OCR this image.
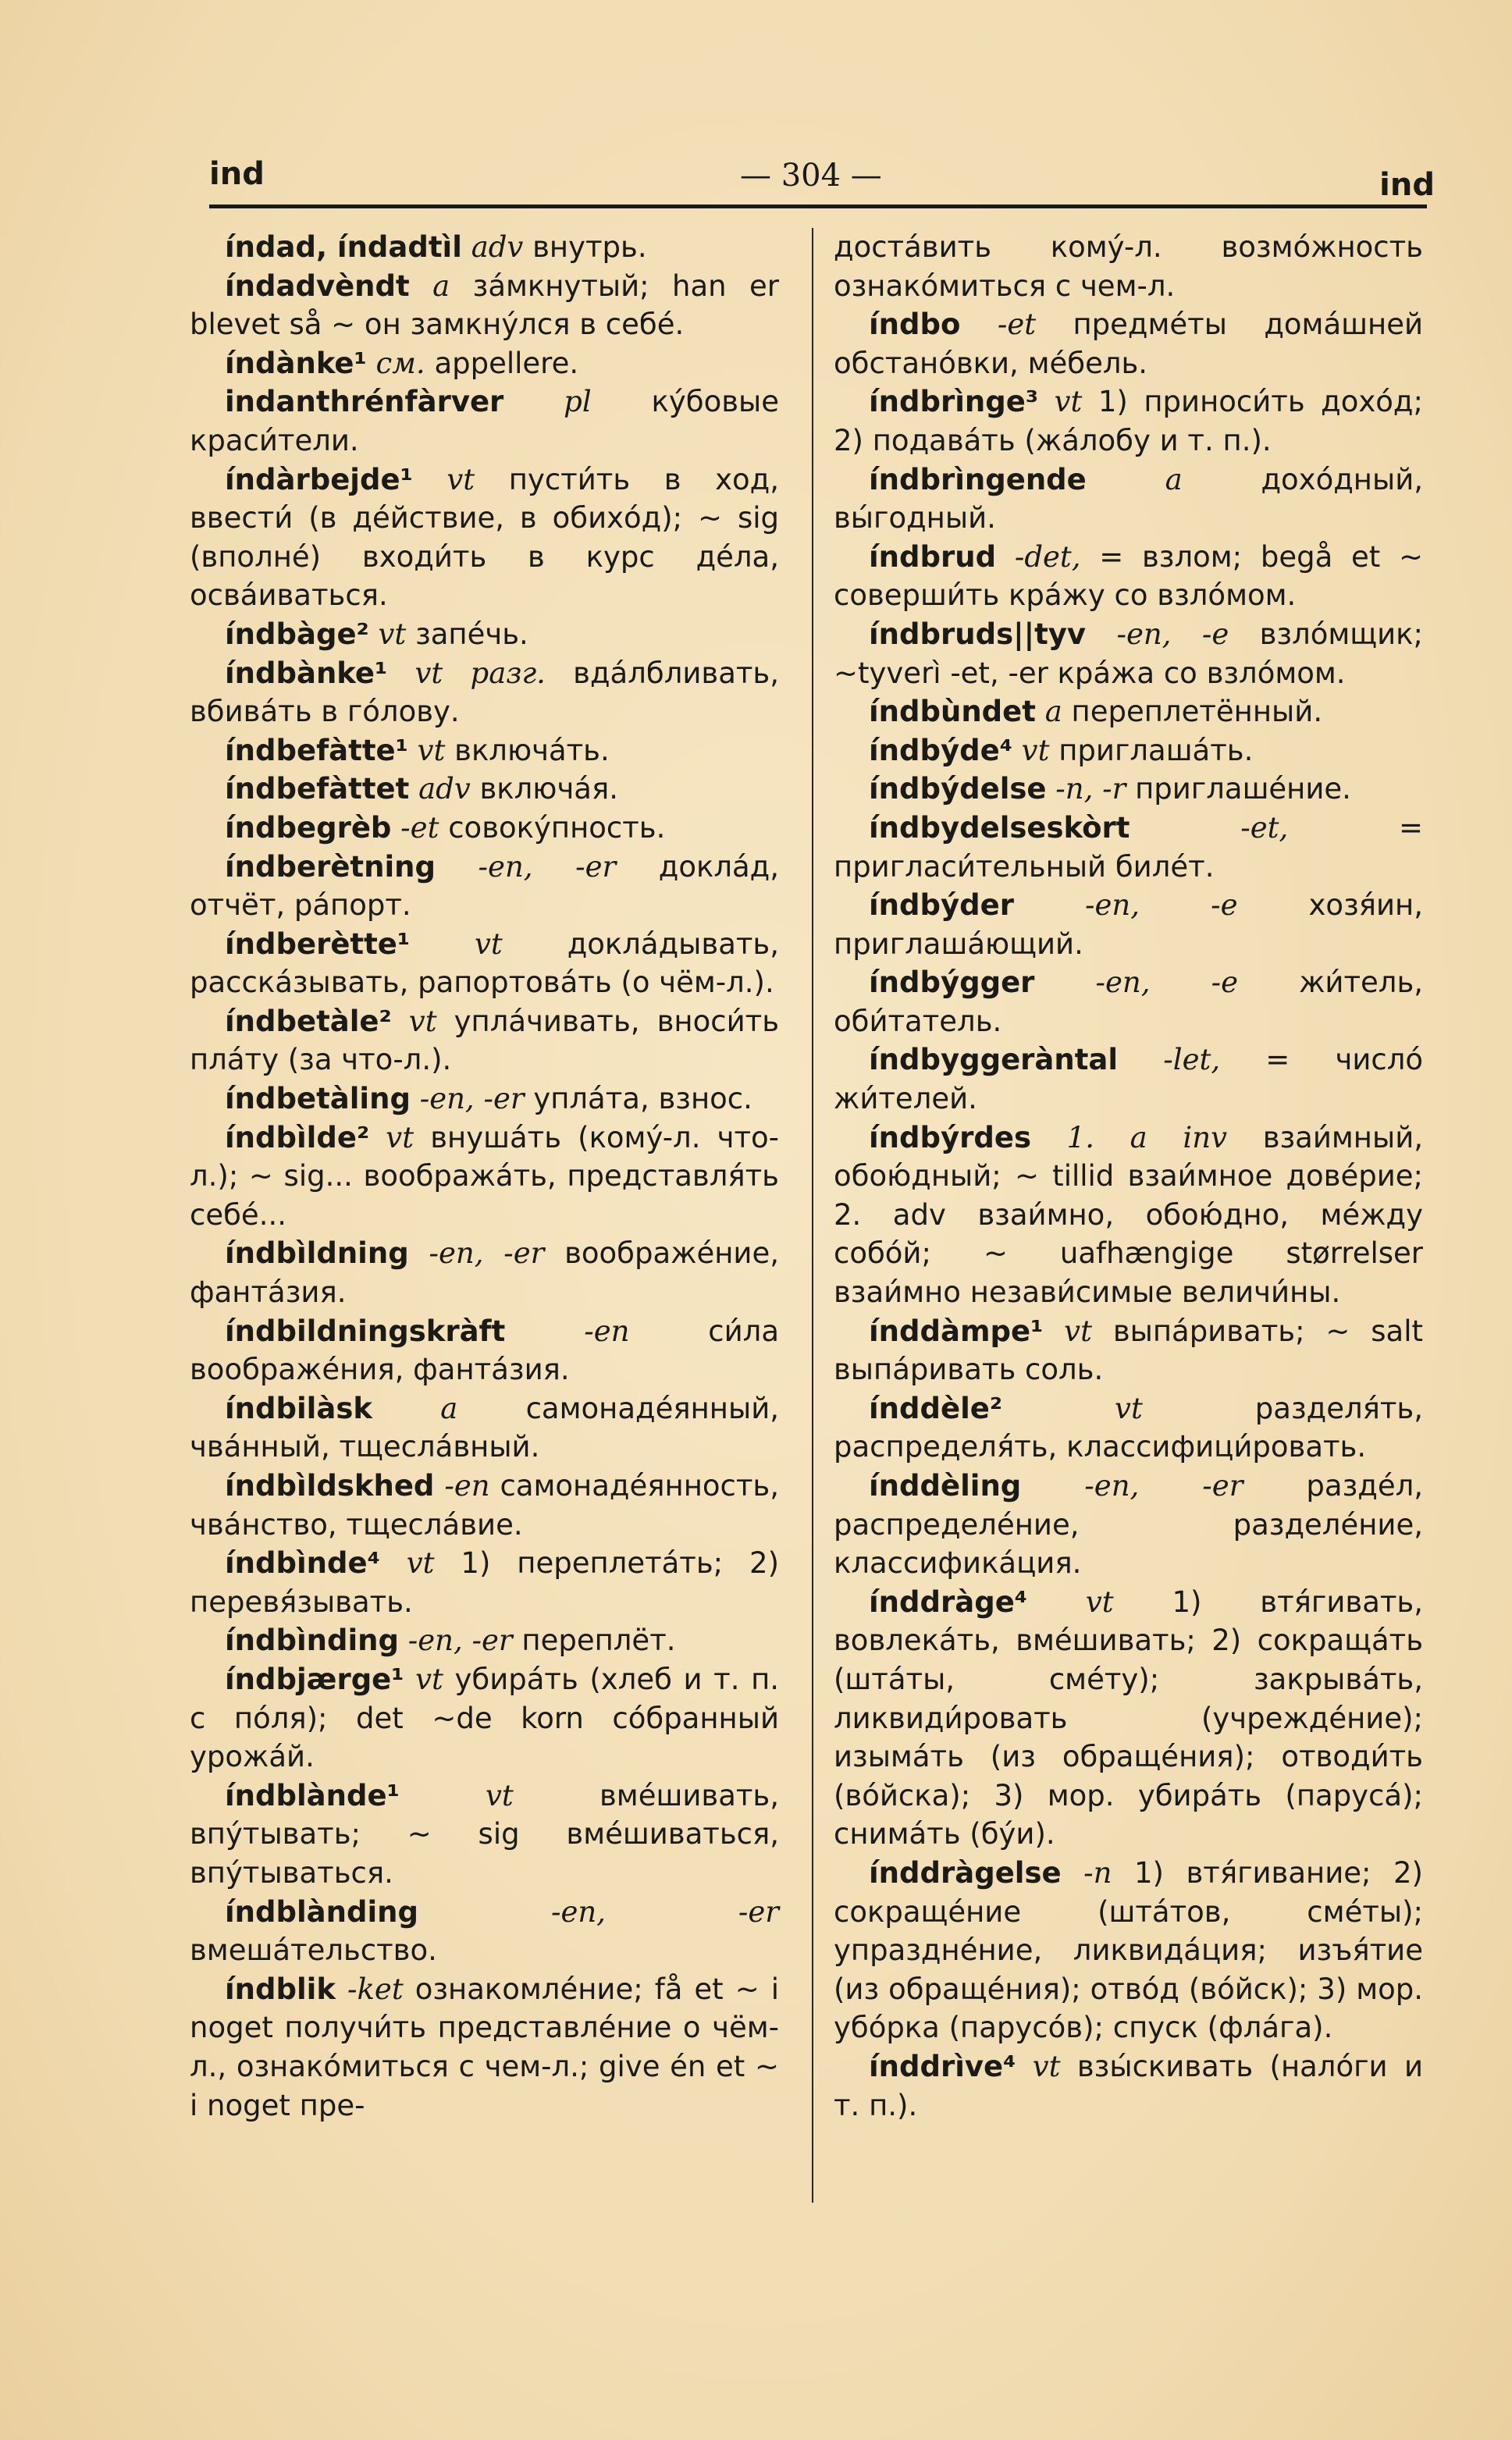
ind	— 304 —	ind

índad, índadtìl adv внутрь.

índadvèndt a зáмкнутый; han er blevet så ~ он замкнýлся в себé.

índànke¹ см. appellere.

indanthrénfàrver pl кýбовые краси́тели.

índàrbejde¹ vt пусти́ть в ход, ввести́ (в дéйствие, в обихóд); ~ sig (вполнé) входи́ть в курс дéла, освáиваться.

índbàge² vt запéчь.

índbànke¹ vt разг. вдáлбливать, вбивáть в гóлову.

índbefàtte¹ vt включáть.

índbefàttet adv включáя.

índbegrèb -et совокýпность.

índberètning -en, -er доклáд, отчёт, рáпорт.

índberètte¹ vt доклáдывать, расскáзывать, рапортовáть (о чём-л.).

índbetàle² vt уплáчивать, вноси́ть плáту (за что-л.).

índbetàling -en, -er уплáта, взнос.

índbìlde² vt внушáть (комý-л. что-л.); ~ sig... воображáть, представля́ть себé...

índbìldning -en, -er воображéние, фантáзия.

índbildningskràft	-en	си́ла воображéния, фантáзия.

índbilàsk a самонадéянный, чвáнный, тщеслáвный.

índbìldskhed -en самонадéянность, чвáнство, тщеслáвие.

índbìnde⁴ vt 1) переплетáть; 2) перевя́зывать.

índbìnding -en, -er переплёт.

índbjærge¹ vt убирáть (хлеб и т. п. с пóля); det ~de korn сóбранный урожáй.

índblànde¹	vt	вмéшивать, впýтывать; ~ sig вмéшиваться, впýтываться.

índblànding	-en, -er вмешáтельство.

índblik -ket ознакомлéние; få et ~ i noget получи́ть представлéние о чём-л., ознакóмиться с чем-л.; give én et ~ i noget пре-

достáвить комý-л. возмóжность ознакóмиться с чем-л.

índbo -et предмéты домáшней обстанóвки, мéбель.

índbrìnge³ vt 1) приноси́ть дохóд; 2) подавáть (жáлобу и т. п.).

índbrìngende	a	дохóдный, вы́годный.

índbrud -det, = взлом; begå et ~ соверши́ть крáжу со взлóмом.

índbruds||tyv -en, -e взлóмщик; ~tyverì -et, -er крáжа со взлóмом.

índbùndet a переплетённый.

índbýde⁴ vt приглашáть.

índbýdelse -n, -r приглашéние.

índbydelseskòrt	-et,	= пригласи́тельный билéт.

índbýder -en, -e хозя́ин, приглашáющий.

índbýgger -en, -e жи́тель, оби́татель.

índbyggeràntal -let, = числó жи́телей.

índbýrdes 1. a inv взаи́мный, обою́дный; ~ tillid взаи́мное довéрие; 2. adv взаи́мно, обою́дно, мéжду собóй; ~ uafhængige størrelser взаи́мно незави́симые величи́ны.

índdàmpe¹ vt выпáривать; ~ salt выпáривать соль.

índdèle²	vt	разделя́ть, распределя́ть, классифици́ровать.

índdèling -en, -er раздéл, распределéние, разделéние, классификáция.

índdràge⁴ vt 1) втя́гивать, вовлекáть, вмéшивать; 2) сокращáть (штáты, смéту); закрывáть, ликвиди́ровать (учреждéние); изымáть (из обращéния); отводи́ть (вóйска); 3) мор. убирáть (парусá); снимáть (бýи).

índdràgelse -n 1) втя́гивание; 2) сокращéние (штáтов, смéты); упразднéние, ликвидáция; изъя́тие (из обращéния); отвóд (вóйск); 3) мор. убóрка (парусóв); спуск (флáга).

índdrìve⁴ vt взы́скивать (налóги и т. п.).
